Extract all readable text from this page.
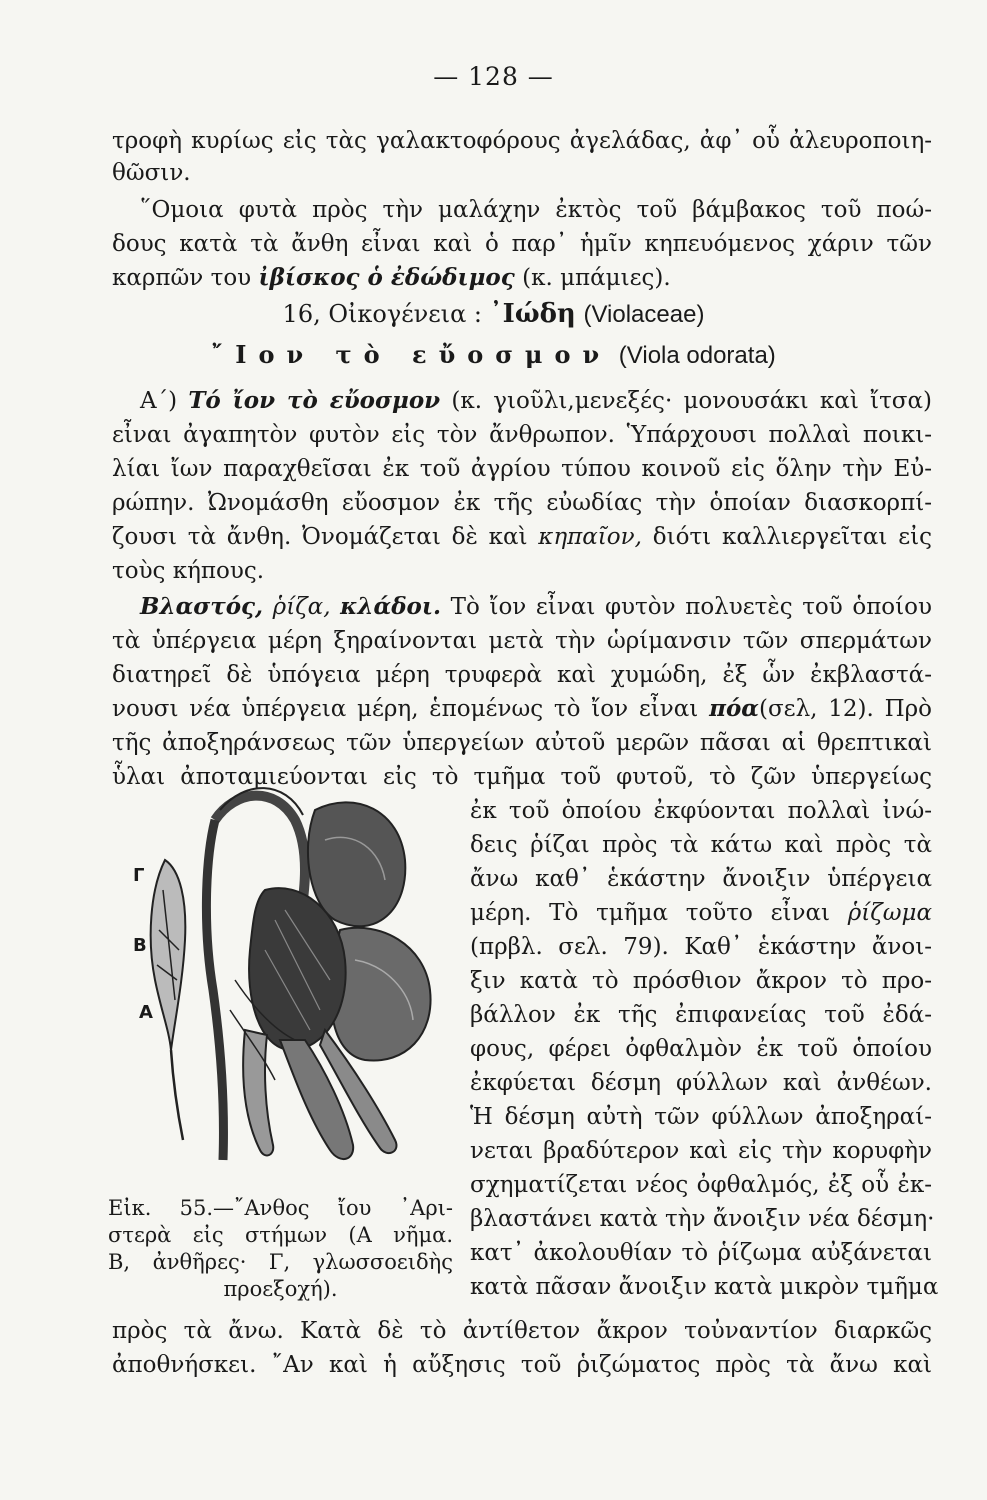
— 128 —
τροφὴ κυρίως εἰς τὰς γαλακτοφόρους ἀγελάδας, ἀφ᾽ οὗ ἀλευροποιη-
θῶσιν.
῞Ομοια φυτὰ πρὸς τὴν μαλάχην ἐκτὸς τοῦ βάμβακος τοῦ ποώ-
δους κατὰ τὰ ἄνθη εἶναι καὶ ὁ παρ᾽ ἡμῖν κηπευόμενος χάριν τῶν
καρπῶν του ἰβίσκος ὁ ἐδώδιμος (κ. μπάμιες).
16, Οἰκογένεια : ᾽Ιώδη (Violaceae)
῎Ιον τὸ εὔοσμον (Viola odorata)
Α΄) Τό ἴον τὸ εὔοσμον (κ. γιοῦλι,μενεξές· μονουσάκι καὶ ἴτσα)
εἶναι ἀγαπητὸν φυτὸν εἰς τὸν ἄνθρωπον. Ὑπάρχουσι πολλαὶ ποικι-
λίαι ἴων παραχθεῖσαι ἐκ τοῦ ἀγρίου τύπου κοινοῦ εἰς ὅλην τὴν Εὐ-
ρώπην. Ὠνομάσθη εὔοσμον ἐκ τῆς εὐωδίας τὴν ὁποίαν διασκορπί-
ζουσι τὰ ἄνθη. Ὀνομάζεται δὲ καὶ κηπαῖον, διότι καλλιεργεῖται εἰς
τοὺς κήπους.
Βλαστός, ῥίζα, κλάδοι. Τὸ ἴον εἶναι φυτὸν πολυετὲς τοῦ ὁποίου
τὰ ὑπέργεια μέρη ξηραίνονται μετὰ τὴν ὡρίμανσιν τῶν σπερμάτων
διατηρεῖ δὲ ὑπόγεια μέρη τρυφερὰ καὶ χυμώδη, ἐξ ὧν ἐκβλαστά-
νουσι νέα ὑπέργεια μέρη, ἑπομένως τὸ ἴον εἶναι πόα(σελ, 12). Πρὸ
τῆς ἀποξηράνσεως τῶν ὑπεργείων αὐτοῦ μερῶν πᾶσαι αἱ θρεπτικαὶ
ὗλαι ἀποταμιεύονται εἰς τὸ τμῆμα τοῦ φυτοῦ, τὸ ζῶν ὑπεργείως
ἐκ τοῦ ὁποίου ἐκφύονται πολλαὶ ἰνώ-
δεις ῥίζαι πρὸς τὰ κάτω καὶ πρὸς τὰ
ἄνω καθ᾽ ἑκάστην ἄνοιξιν ὑπέργεια
μέρη. Τὸ τμῆμα τοῦτο εἶναι ῥίζωμα
(πρβλ. σελ. 79). Καθ᾽ ἑκάστην ἄνοι-
ξιν κατὰ τὸ πρόσθιον ἄκρον τὸ προ-
βάλλον ἐκ τῆς ἐπιφανείας τοῦ ἐδά-
φους, φέρει ὀφθαλμὸν ἐκ τοῦ ὁποίου
ἐκφύεται δέσμη φύλλων καὶ ἀνθέων.
Ἡ δέσμη αὐτὴ τῶν φύλλων ἀποξηραί-
νεται βραδύτερον καὶ εἰς τὴν κορυφὴν
σχηματίζεται νέος ὀφθαλμός, ἐξ οὗ ἐκ-
βλαστάνει κατὰ τὴν ἄνοιξιν νέα δέσμη·
κατ᾽ ἀκολουθίαν τὸ ῥίζωμα αὐξάνεται
κατὰ πᾶσαν ἄνοιξιν κατὰ μικρὸν τμῆμα
πρὸς τὰ ἄνω. Κατὰ δὲ τὸ ἀντίθετον ἄκρον τοὐναντίον διαρκῶς
ἀποθνήσκει. ῎Αν καὶ ἡ αὔξησις τοῦ ῥιζώματος πρὸς τὰ ἄνω καὶ
Γ
Β
Α
Εἰκ. 55.—῎Ανθος ἴου ᾽Αρι-
στερὰ εἰς στήμων (Α νῆμα.
Β, ἀνθῆρες· Γ, γλωσσοειδὴς
προεξοχή).
